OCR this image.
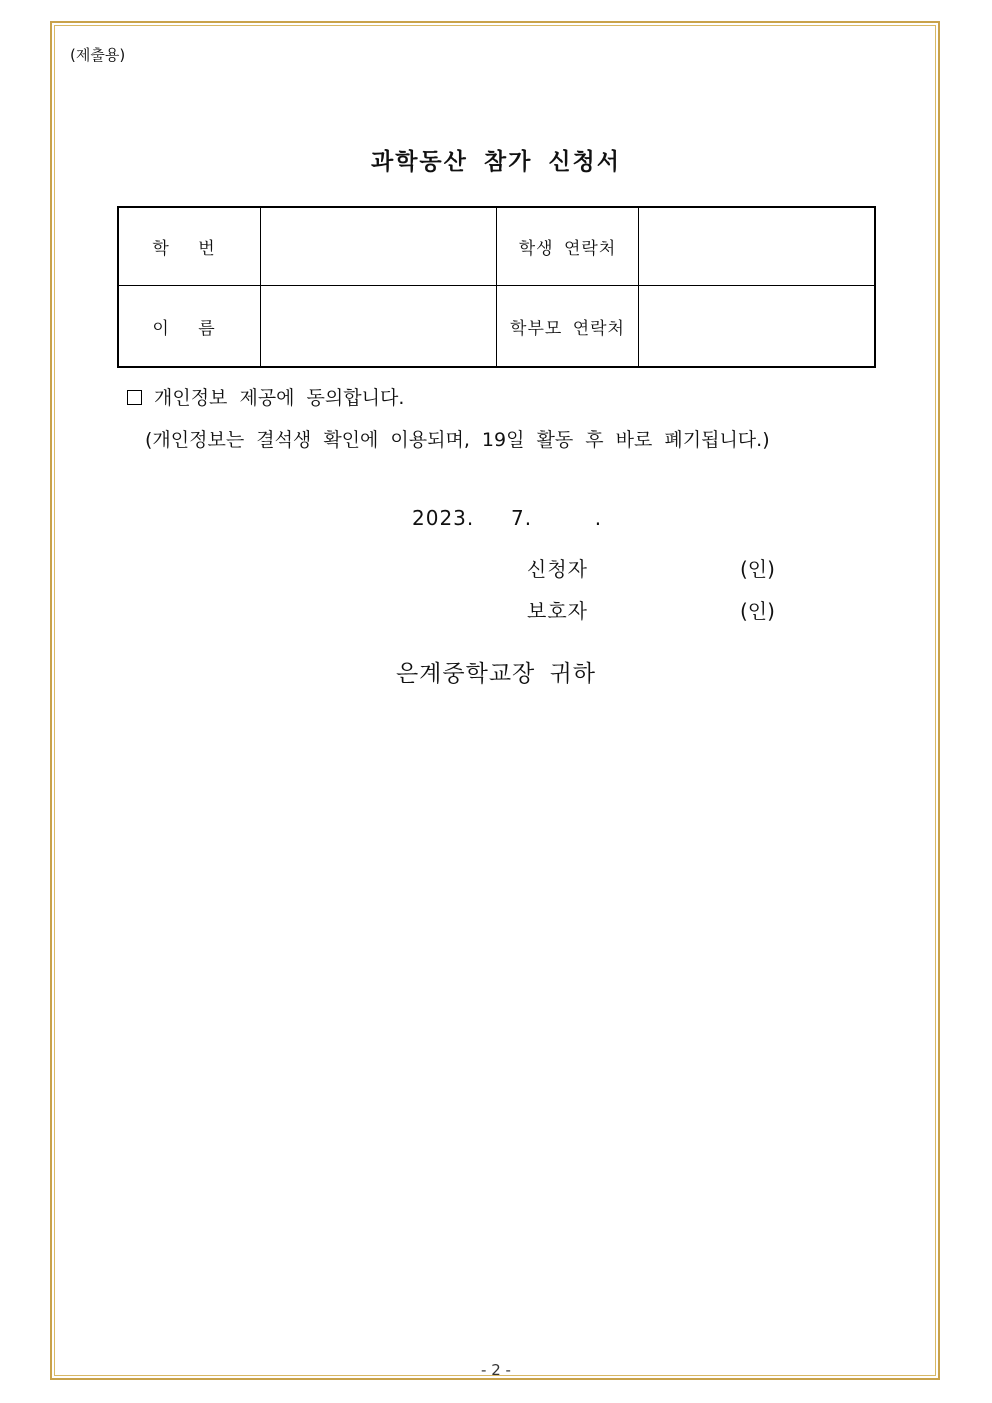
(제출용)
과학동산 참가 신청서
학 번		학생 연락처	
이 름		학부모 연락처	
개인정보 제공에 동의합니다.
(개인정보는 결석생 확인에 이용되며, 19일 활동 후 바로 폐기됩니다.)
2023. 7.	.
신청자	(인)
보호자	(인)
은계중학교장 귀하
- 2 -
